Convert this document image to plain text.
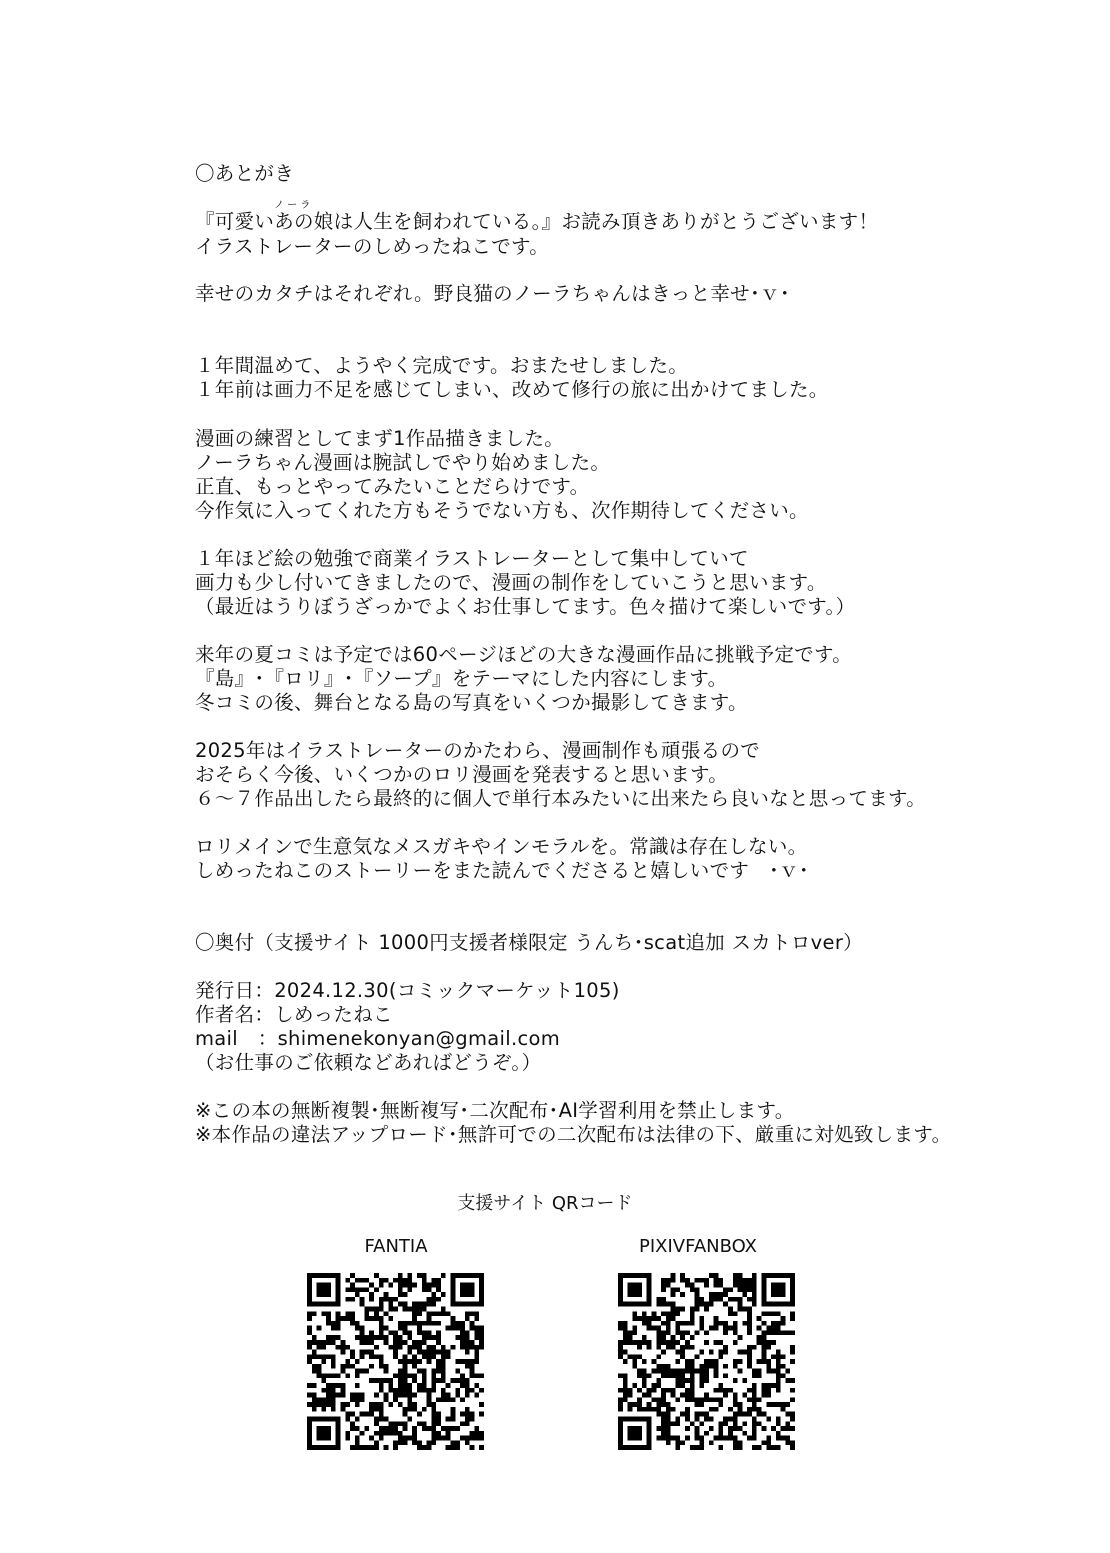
〇あとがき
ノ ー ラ
『可愛いあの娘は人生を飼われている。』お読み頂きありがとうございます！
イラストレーターのしめったねこです。
幸せのカタチはそれぞれ。野良猫のノーラちゃんはきっと幸せ･ｖ･
１年間温めて、ようやく完成です。おまたせしました。
１年前は画力不足を感じてしまい、改めて修行の旅に出かけてました。
漫画の練習としてまず1作品描きました。
ノーラちゃん漫画は腕試しでやり始めました。
正直、もっとやってみたいことだらけです。
今作気に入ってくれた方もそうでない方も、次作期待してください。
１年ほど絵の勉強で商業イラストレーターとして集中していて
画力も少し付いてきましたので、漫画の制作をしていこうと思います。
（最近はうりぼうざっかでよくお仕事してます。色々描けて楽しいです。）
来年の夏コミは予定では60ページほどの大きな漫画作品に挑戦予定です。
『島』･『ロリ』･『ソープ』をテーマにした内容にします。
冬コミの後、舞台となる島の写真をいくつか撮影してきます。
2025年はイラストレーターのかたわら、漫画制作も頑張るので
おそらく今後、いくつかのロリ漫画を発表すると思います。
６～７作品出したら最終的に個人で単行本みたいに出来たら良いなと思ってます。
ロリメインで生意気なメスガキやインモラルを。常識は存在しない。
しめったねこのストーリーをまた読んでくださると嬉しいです　･ｖ･
〇奥付（支援サイト 1000円支援者様限定 うんち･scat追加 スカトロver）
発行日：2024.12.30(コミックマーケット105)
作者名：しめったねこ
mail　：shimenekonyan@gmail.com
（お仕事のご依頼などあればどうぞ。）
※この本の無断複製･無断複写･二次配布･AI学習利用を禁止します。
※本作品の違法アップロード･無許可での二次配布は法律の下、厳重に対処致します。
支援サイト QRコード
FANTIA	PIXIVFANBOX
